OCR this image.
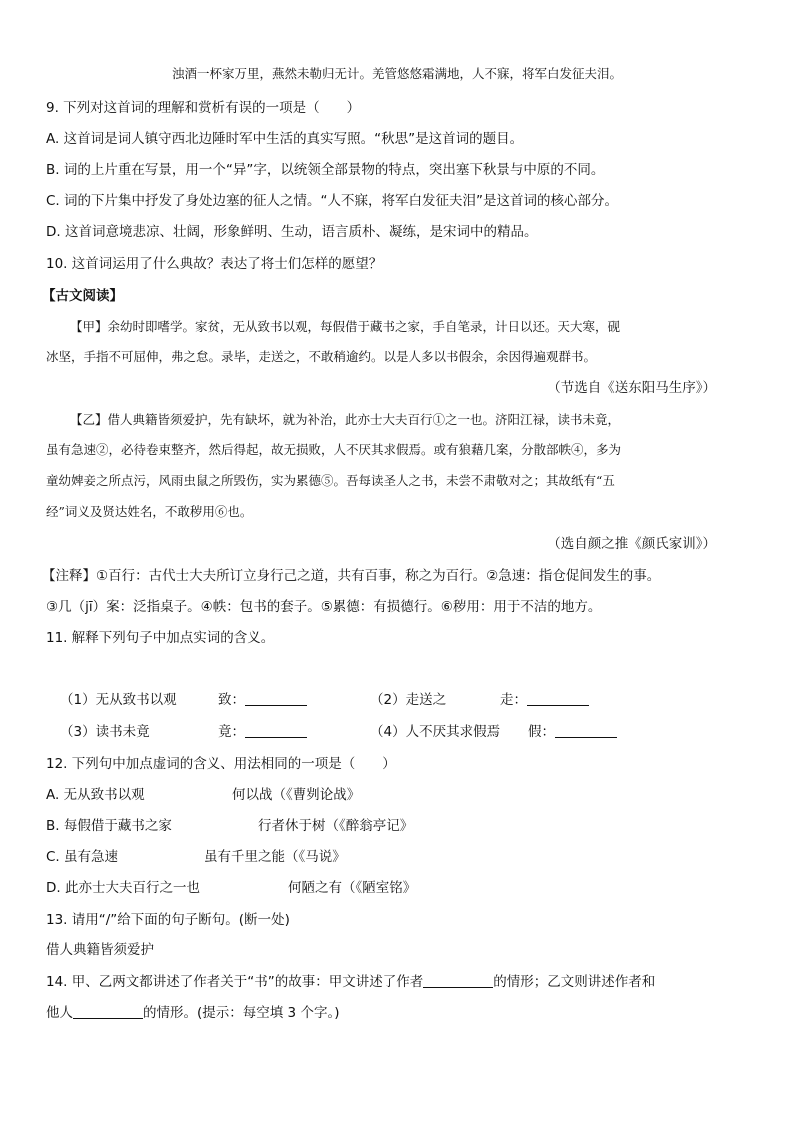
浊酒一杯家万里，燕然未勒归无计。羌管悠悠霜满地，人不寐，将军白发征夫泪。
9. 下列对这首词的理解和赏析有误的一项是（　　）
A. 这首词是词人镇守西北边陲时军中生活的真实写照。“秋思”是这首词的题目。
B. 词的上片重在写景，用一个“异”字，以统领全部景物的特点，突出塞下秋景与中原的不同。
C. 词的下片集中抒发了身处边塞的征人之情。“人不寐，将军白发征夫泪”是这首词的核心部分。
D. 这首词意境悲凉、壮阔，形象鲜明、生动，语言质朴、凝练，是宋词中的精品。
10. 这首词运用了什么典故？表达了将士们怎样的愿望？
【古文阅读】
【甲】余幼时即嗜学。家贫，无从致书以观，每假借于藏书之家，手自笔录，计日以还。天大寒，砚
冰坚，手指不可屈伸，弗之怠。录毕，走送之，不敢稍逾约。以是人多以书假余，余因得遍观群书。
（节选自《送东阳马生序》）
【乙】借人典籍皆须爱护，先有缺坏，就为补治，此亦士大夫百行①之一也。济阳江禄，读书未竟，
虽有急速②，必待卷束整齐，然后得起，故无损败，人不厌其求假焉。或有狼藉几案，分散部帙④，多为
童幼婢妾之所点污，风雨虫鼠之所毁伤，实为累德⑤。吾每读圣人之书，未尝不肃敬对之；其故纸有“五
经”词义及贤达姓名，不敢秽用⑥也。
（选自颜之推《颜氏家训》）
【注释】①百行：古代士大夫所订立身行己之道，共有百事，称之为百行。②急速：指仓促间发生的事。
③几（jī）案：泛指桌子。④帙：包书的套子。⑤累德：有损德行。⑥秽用：用于不洁的地方。
11. 解释下列句子中加点实词的含义。
（1）无从致书以观	致：	（2）走送之	走：
（3）读书未竟	竟：	（4）人不厌其求假焉 假：
12. 下列句中加点虚词的含义、用法相同的一项是（　　）
A. 无从致书以观	何以战（《曹刿论战》
B. 每假借于藏书之家	行者休于树（《醉翁亭记》
C. 虽有急速	虽有千里之能（《马说》
D. 此亦士大夫百行之一也	何陋之有（《陋室铭》
13. 请用“/”给下面的句子断句。(断一处)
借人典籍皆须爱护
14. 甲、乙两文都讲述了作者关于“书”的故事：甲文讲述了作者	的情形；乙文则讲述作者和
他人	的情形。(提示：每空填 3 个字。)
